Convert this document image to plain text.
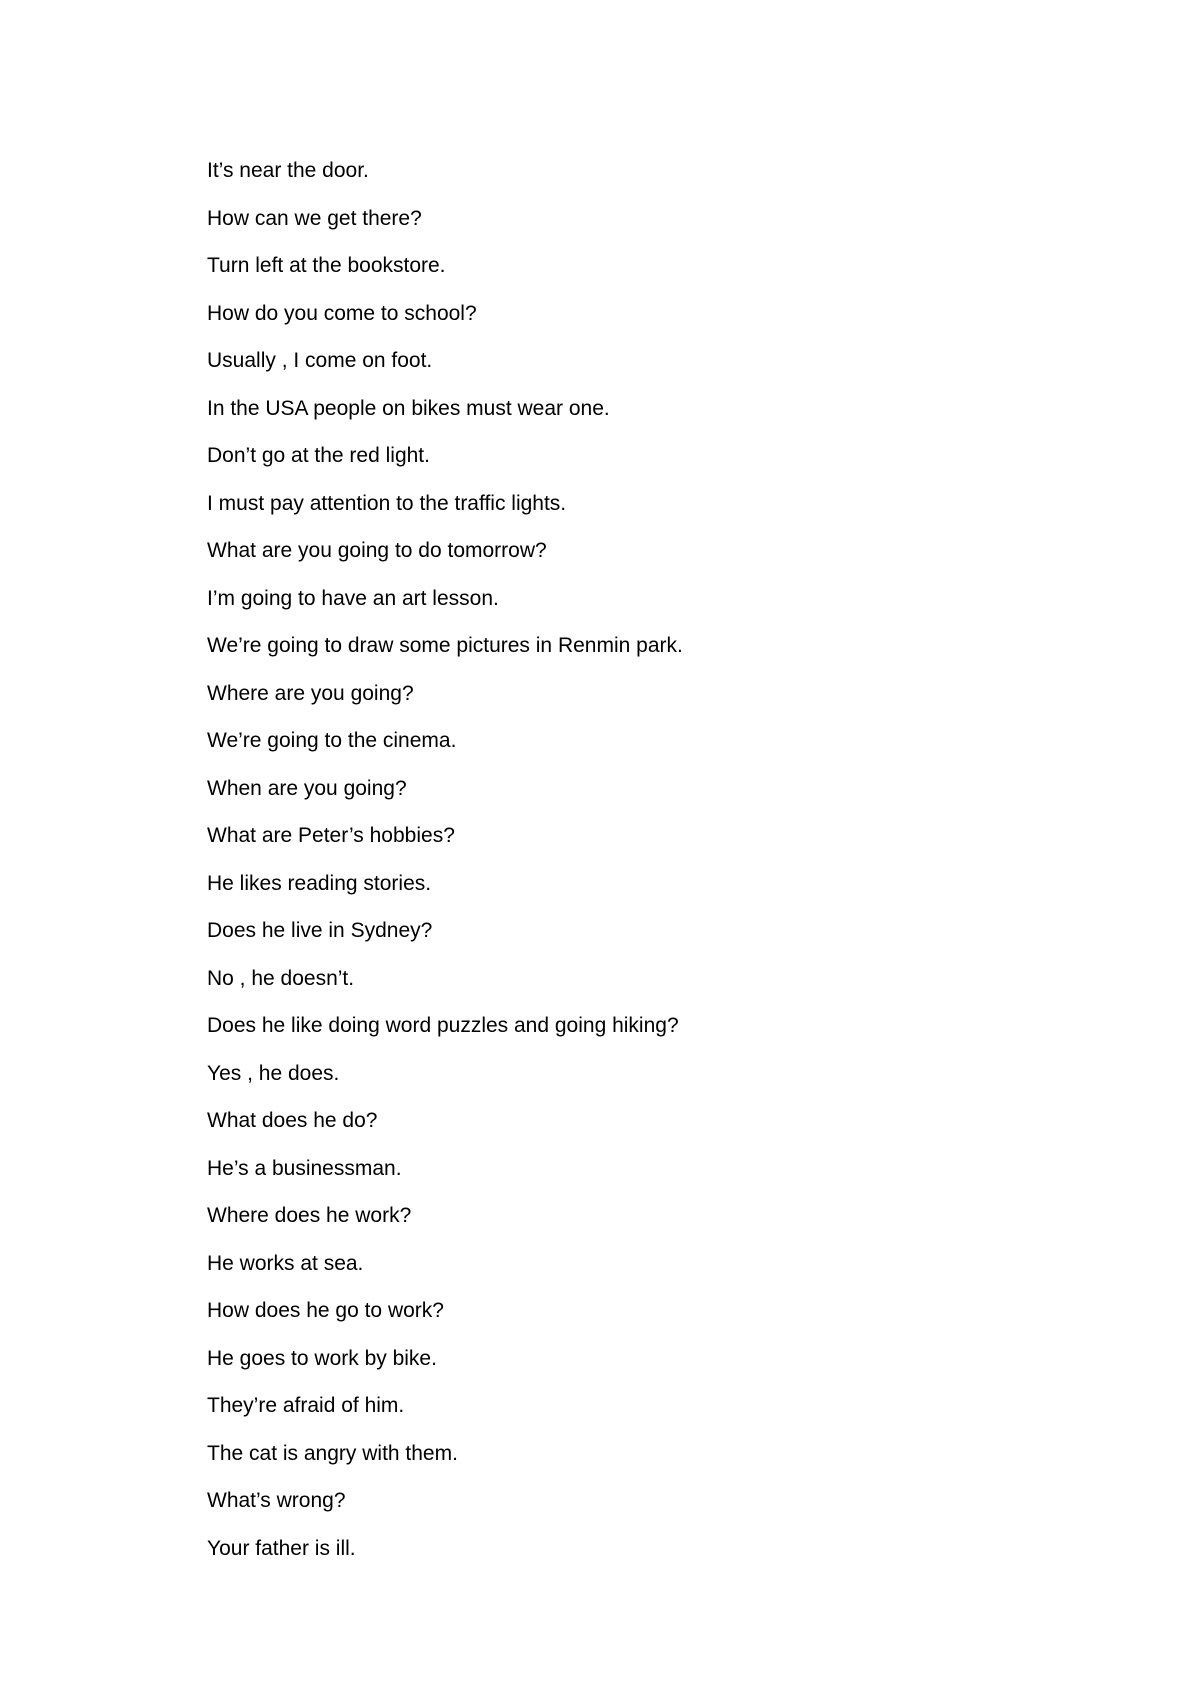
It’s near the door.
How can we get there?
Turn left at the bookstore.
How do you come to school?
Usually , I come on foot.
In the USA people on bikes must wear one.
Don’t go at the red light.
I must pay attention to the traffic lights.
What are you going to do tomorrow?
I’m going to have an art lesson.
We’re going to draw some pictures in Renmin park.
Where are you going?
We’re going to the cinema.
When are you going?
What are Peter’s hobbies?
He likes reading stories.
Does he live in Sydney?
No , he doesn’t.
Does he like doing word puzzles and going hiking?
Yes , he does.
What does he do?
He’s a businessman.
Where does he work?
He works at sea.
How does he go to work?
He goes to work by bike.
They’re afraid of him.
The cat is angry with them.
What’s wrong?
Your father is ill.
